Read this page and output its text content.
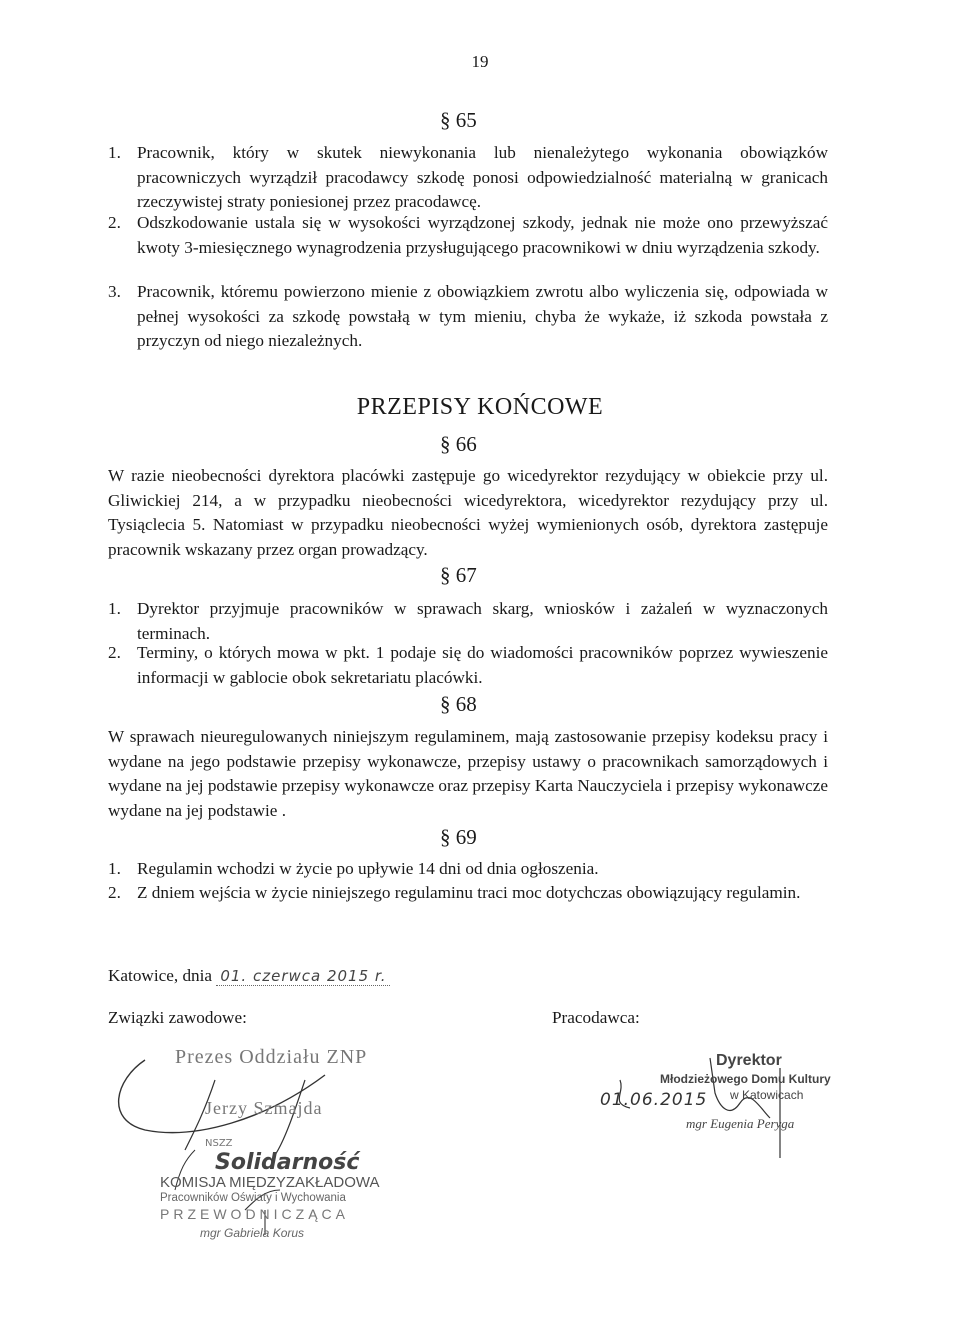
19
§ 65
1. Pracownik, który w skutek niewykonania lub nienależytego wykonania obowiązków pracowniczych wyrządził pracodawcy szkodę ponosi odpowiedzialność materialną w granicach rzeczywistej straty poniesionej przez pracodawcę.
2. Odszkodowanie ustala się w wysokości wyrządzonej szkody, jednak nie może ono przewyższać kwoty 3-miesięcznego wynagrodzenia przysługującego pracownikowi w dniu wyrządzenia szkody.
3. Pracownik, któremu powierzono mienie z obowiązkiem zwrotu albo wyliczenia się, odpowiada w pełnej wysokości za szkodę powstałą w tym mieniu, chyba że wykaże, iż szkoda powstała z przyczyn od niego niezależnych.
PRZEPISY KOŃCOWE
§ 66
W razie nieobecności dyrektora placówki zastępuje go wicedyrektor rezydujący w obiekcie przy ul. Gliwickiej 214, a w przypadku nieobecności wicedyrektora, wicedyrektor rezydujący przy ul. Tysiąclecia 5. Natomiast w przypadku nieobecności wyżej wymienionych osób, dyrektora zastępuje pracownik wskazany przez organ prowadzący.
§ 67
1. Dyrektor przyjmuje pracowników w sprawach skarg, wniosków i zażaleń w wyznaczonych terminach.
2. Terminy, o których mowa w pkt. 1 podaje się do wiadomości pracowników poprzez wywieszenie informacji w gablocie obok sekretariatu placówki.
§ 68
W sprawach nieuregulowanych niniejszym regulaminem, mają zastosowanie przepisy kodeksu pracy i wydane na jego podstawie przepisy wykonawcze, przepisy ustawy o pracownikach samorządowych i wydane na jej podstawie przepisy wykonawcze oraz przepisy Karta Nauczyciela i przepisy wykonawcze wydane na jej podstawie .
§ 69
1. Regulamin wchodzi w życie po upływie 14 dni od dnia ogłoszenia.
2. Z dniem wejścia w życie niniejszego regulaminu traci moc dotychczas obowiązujący regulamin.
Katowice, dnia 01. czerwca 2015 r.
Związki zawodowe:	Pracodawca:
Prezes Oddziału ZNP
Jerzy Szmajda
NSZZ
Solidarność
KOMISJA MIĘDZYZAKŁADOWA
Pracowników Oświaty i Wychowania
PRZEWODNICZĄCA
mgr Gabriela Korus
Dyrektor
Młodzieżowego Domu Kultury
w Katowicach
01.06.2015
mgr Eugenia Peryga
